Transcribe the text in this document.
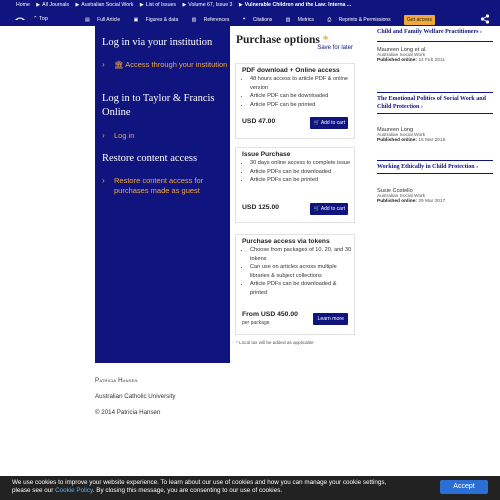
Home ▶ All Journals ▶ Australian Social Work ▶ List of Issues ▶ Volume 67, Issue 3 ▶ Vulnerable Children and the Law: Interna ...
⌃ Top	▤ Full Article	▣ Figures & data	▥ References	❝ Citations	▥ Metrics	⎙ Reprints & Permissions	Get access
Log in via your institution
› 🏛 Access through your institution
Log in to Taylor & Francis Online
› Log in
Restore content access
› Restore content access for purchases made as guest
Purchase options *
Save for later
PDF download + Online access
• 48 hours access to article PDF & online version
• Article PDF can be downloaded
• Article PDF can be printed
USD 47.00	🛒 Add to cart
Issue Purchase
• 30 days online access to complete issue
• Article PDFs can be downloaded
• Article PDFs can be printed
USD 125.00	🛒 Add to cart
Purchase access via tokens
• Choose from packages of 10, 20, and 30 tokens
• Can use on articles across multiple libraries & subject collections
• Article PDFs can be downloaded & printed
From USD 450.00
per package
Learn more
* Local tax will be added as applicable
Patricia Hansen
Australian Catholic University
© 2014 Patricia Hansen
Child and Family Welfare Practitioners ›
Maureen Long et al.
Australian Social Work
Published online: 24 Feb 2011
The Emotional Politics of Social Work and Child Protection ›
Maureen Long
Australian Social Work
Published online: 16 Mar 2016
Working Ethically in Child Protection ›
Susie Costello
Australian Social Work
Published online: 29 Mar 2017
We use cookies to improve your website experience. To learn about our use of cookies and how you can manage your cookie settings,
please see our Cookie Policy. By closing this message, you are consenting to our use of cookies.	Accept
